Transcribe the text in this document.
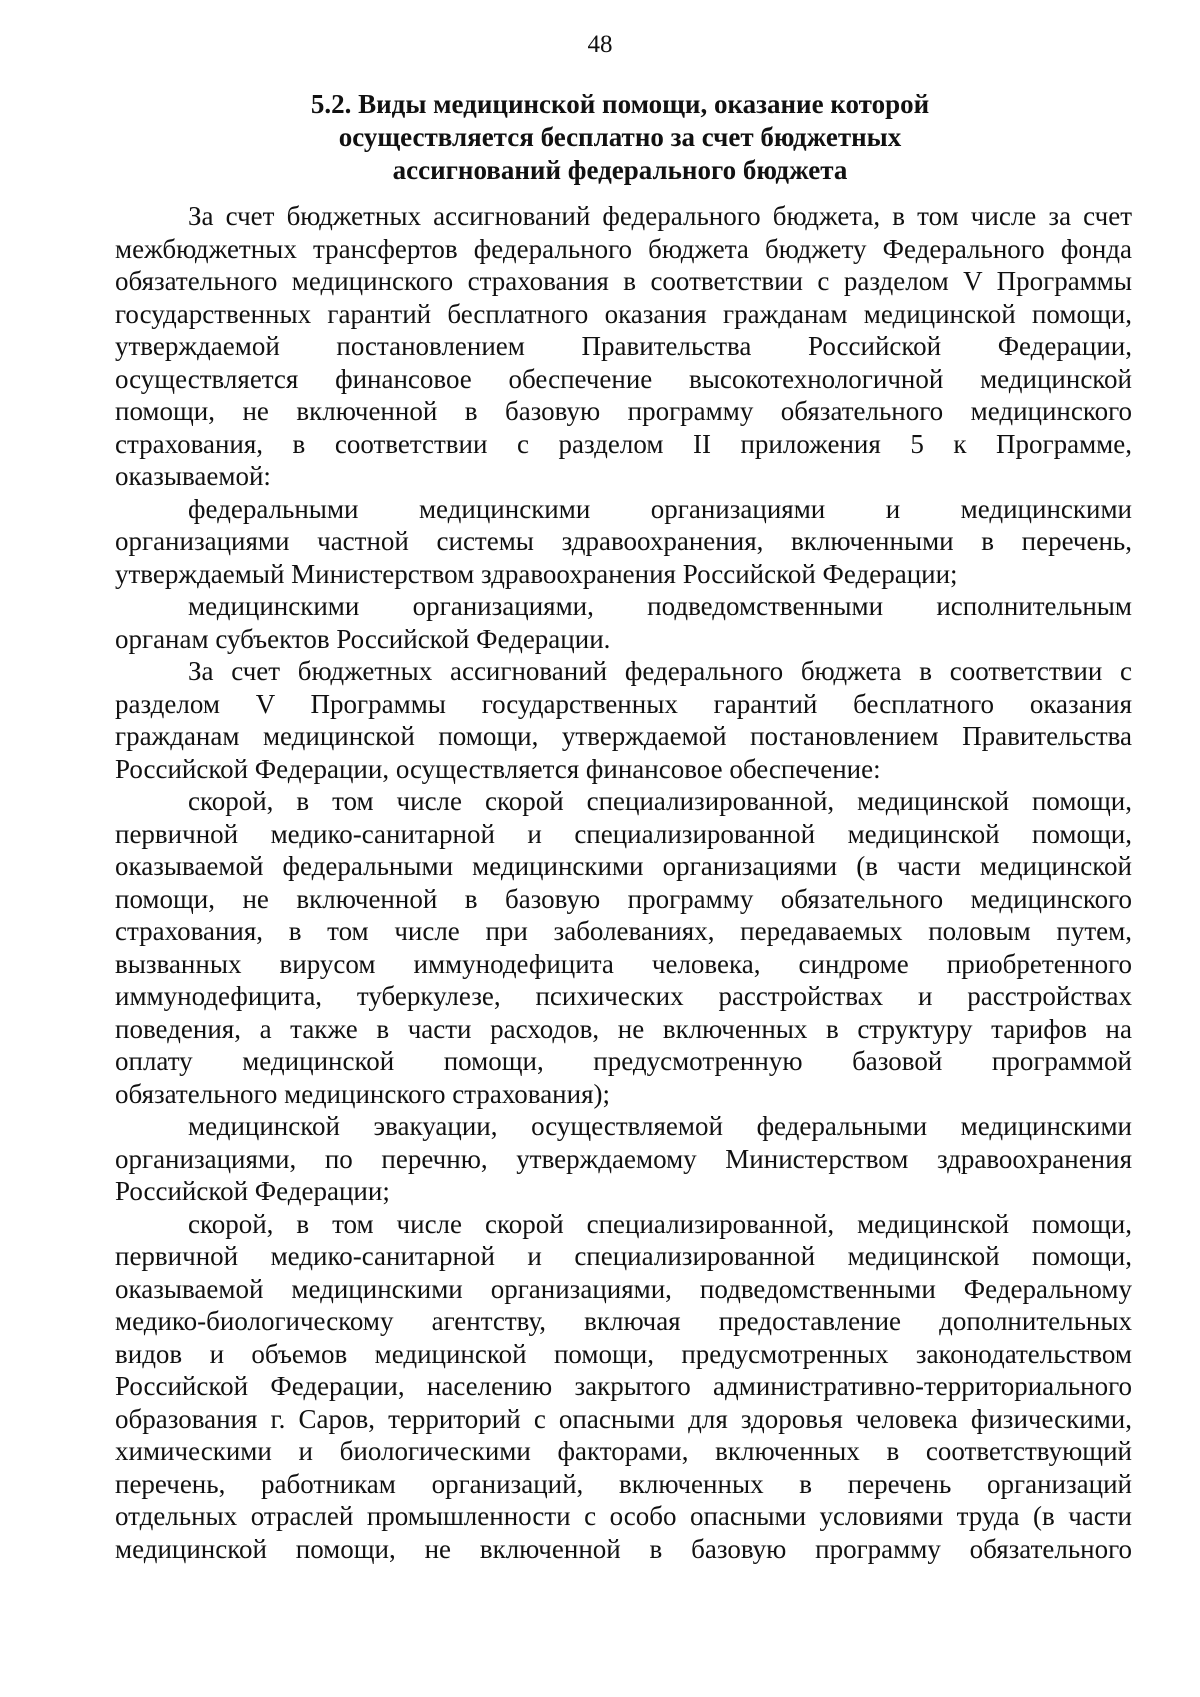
48
5.2. Виды медицинской помощи, оказание которой
осуществляется бесплатно за счет бюджетных
ассигнований федерального бюджета
За счет бюджетных ассигнований федерального бюджета, в том числе за счет
межбюджетных трансфертов федерального бюджета бюджету Федерального фонда
обязательного медицинского страхования в соответствии с разделом V Программы
государственных гарантий бесплатного оказания гражданам медицинской помощи,
утверждаемой постановлением Правительства Российской Федерации,
осуществляется финансовое обеспечение высокотехнологичной медицинской
помощи, не включенной в базовую программу обязательного медицинского
страхования, в соответствии с разделом II приложения 5 к Программе,
оказываемой:
федеральными медицинскими организациями и медицинскими
организациями частной системы здравоохранения, включенными в перечень,
утверждаемый Министерством здравоохранения Российской Федерации;
медицинскими организациями, подведомственными исполнительным
органам субъектов Российской Федерации.
За счет бюджетных ассигнований федерального бюджета в соответствии с
разделом V Программы государственных гарантий бесплатного оказания
гражданам медицинской помощи, утверждаемой постановлением Правительства
Российской Федерации, осуществляется финансовое обеспечение:
скорой, в том числе скорой специализированной, медицинской помощи,
первичной медико-санитарной и специализированной медицинской помощи,
оказываемой федеральными медицинскими организациями (в части медицинской
помощи, не включенной в базовую программу обязательного медицинского
страхования, в том числе при заболеваниях, передаваемых половым путем,
вызванных вирусом иммунодефицита человека, синдроме приобретенного
иммунодефицита, туберкулезе, психических расстройствах и расстройствах
поведения, а также в части расходов, не включенных в структуру тарифов на
оплату медицинской помощи, предусмотренную базовой программой
обязательного медицинского страхования);
медицинской эвакуации, осуществляемой федеральными медицинскими
организациями, по перечню, утверждаемому Министерством здравоохранения
Российской Федерации;
скорой, в том числе скорой специализированной, медицинской помощи,
первичной медико-санитарной и специализированной медицинской помощи,
оказываемой медицинскими организациями, подведомственными Федеральному
медико-биологическому агентству, включая предоставление дополнительных
видов и объемов медицинской помощи, предусмотренных законодательством
Российской Федерации, населению закрытого административно-территориального
образования г. Саров, территорий с опасными для здоровья человека физическими,
химическими и биологическими факторами, включенных в соответствующий
перечень, работникам организаций, включенных в перечень организаций
отдельных отраслей промышленности с особо опасными условиями труда (в части
медицинской помощи, не включенной в базовую программу обязательного
